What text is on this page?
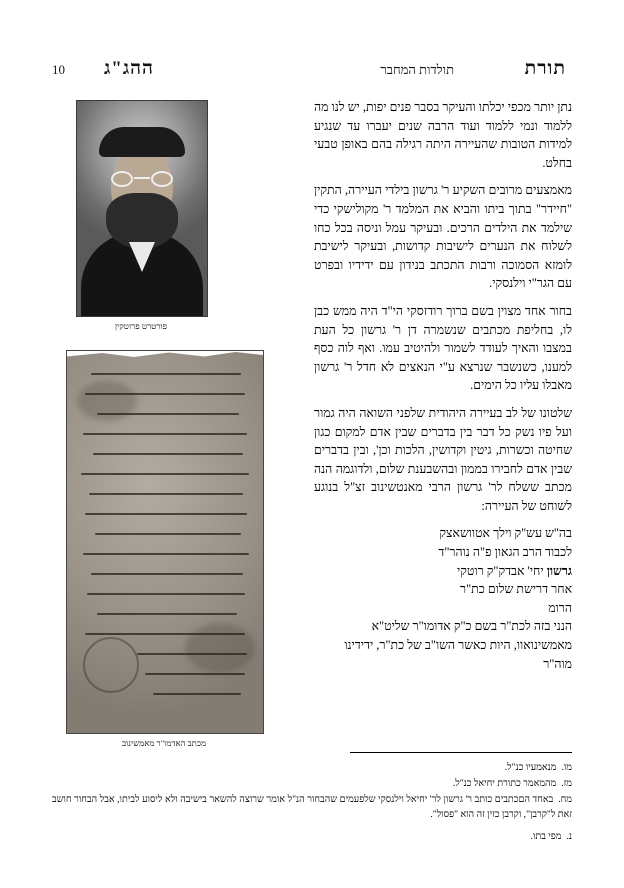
10 ההג"ג	תולדות המחבר	תורת
פורטרט פרוטקין
מכתב האדמו"ר מאמשינוב

נתן יותר מכפי יכלתו והעיקר בסבר פנים יפות, יש לנו מה ללמוד ונמי ללמוד ועוד הרבה שנים יעברו עד שנגיע למידות הטובות שהעיירה היתה רגילה בהם באופן טבעי בחלט.

מאמצעים מרובים השקיע ר' גרשון בילדי העיירה, התקין "חיידר" בתוך ביתו והביא את המלמד ר' מקולישקי כדי שילמד את הילדים הרכים. ובעיקר עמל וניסה בכל כחו לשלוח את הנערים לישיבות קדושות, ובעיקר לישיבת לומזא הסמוכה ורבות התכתב בנידון עם ידידיו ובפרט עם הגר"י וילנסקי.

בחור אחד מצוין בשם ברוך רודזסקי הי"ד היה ממש כבן לו, בחליפת מכתבים שנשמרה דן ר' גרשון כל העת במצבו והאיך לעודד לשמור ולהיטיב עמו. ואף לוה כסף למענו, כשנשבר שנרצא ע"י הנאצים לא חדל ר' גרשון מאבלו עליו כל הימים.

שלטונו של לב בעיירה היהודית שלפני השואה היה גמור ועל פיו נשק כל דבר בין בדברים שבין אדם למקום כגון שחיטה וכשרות, גיטין וקדושין, הלכות וכן', ובין בדברים שבין אדם לחבירו בממון ובהשבענת שלום, ולדוגמה הנה מכתב ששלח לר' גרשון הרבי מאנטשינוב זצ"ל בנוגע לשוחט של העיירה:

בה"ש עש"ק וילך אטוושאצק
לכבוד הרב הגאון פ"ה נוהר"ד
גרשון יחי' אבדק"ק רוטקי
אחר דרישת שלום כת"ר
הרומ
הנני בזה לכת"ר בשם כ"ק אדומו"ר שליט"א מאמשינואוו, היות כאשר השו"ב של כת"ר, ידידינו מוה"ר
מו.מנאמעיו כנ"ל.
מז.מהמאמר כתורת יחיאל כנ"ל.
מח.באחד הםכתבים כותב ר' גרשון לר' יחיאל וילנסקי שלפעמים שהבחור הנ"ל אומר שרוצה להשאר בישיבה ולא ליסוע לביתו, אבל הבחור חושב זאת ל"קרבן", וקרבן כזין זה הוא "פסול".
נ.מפי בתו.
